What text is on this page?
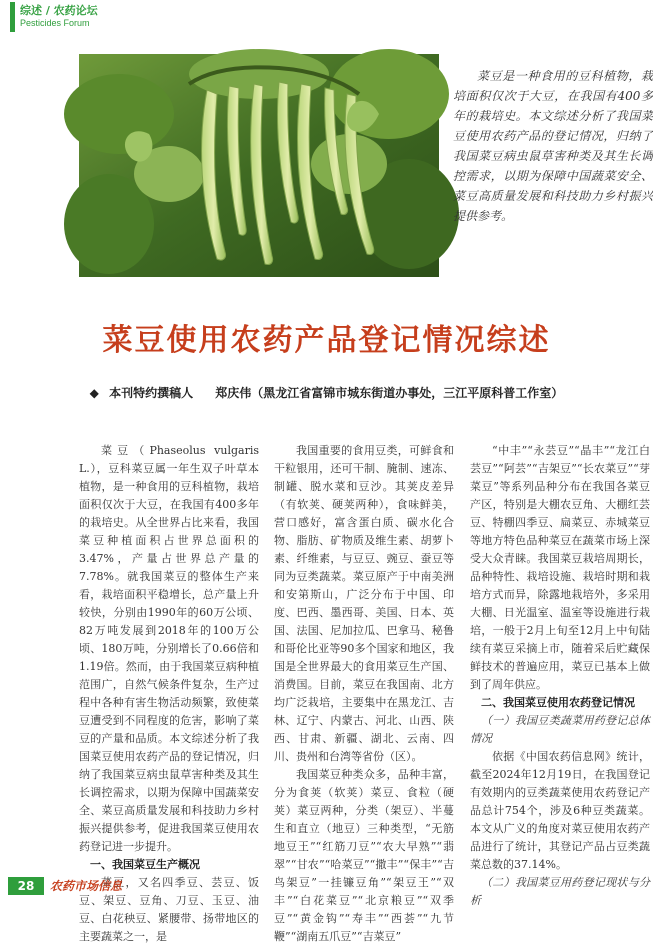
综述 / 农药论坛
Pesticides Forum
菜豆是一种食用的豆科植物，栽培面积仅次于大豆，在我国有400多年的栽培史。本文综述分析了我国菜豆使用农药产品的登记情况，归纳了我国菜豆病虫鼠草害种类及其生长调控需求，以期为保障中国蔬菜安全、菜豆高质量发展和科技助力乡村振兴提供参考。
菜豆使用农药产品登记情况综述
◆ 本刊特约撰稿人 郑庆伟（黑龙江省富锦市城东街道办事处，三江平原科普工作室）

菜豆（Phaseolus vulgaris L.），豆科菜豆属一年生双子叶草本植物，是一种食用的豆科植物，栽培面积仅次于大豆，在我国有400多年的栽培史。从全世界占比来看，我国菜豆种植面积占世界总面积的3.47%，产量占世界总产量的7.78%。就我国菜豆的整体生产来看，栽培面积平稳增长，总产量上升较快，分别由1990年的60万公顷、82万吨发展到2018年的100万公顷、180万吨，分别增长了0.66倍和1.19倍。然而，由于我国菜豆病种植范围广，自然气候条件复杂，生产过程中各种有害生物活动频繁，致使菜豆遭受到不同程度的危害，影响了菜豆的产量和品质。本文综述分析了我国菜豆使用农药产品的登记情况，归纳了我国菜豆病虫鼠草害种类及其生长调控需求，以期为保障中国蔬菜安全、菜豆高质量发展和科技助力乡村振兴提供参考，促进我国菜豆使用农药登记进一步提升。

一、我国菜豆生产概况

菜豆，又名四季豆、芸豆、饭豆、架豆、豆角、刀豆、玉豆、油豆、白花秧豆、紧腰带、扬带地区的主要蔬菜之一，是

我国重要的食用豆类，可鲜食和干粒银用，还可干制、腌制、速冻、制罐、脱水菜和豆沙。其荚皮差异（有软荚、硬荚两种），食味鲜美，营口感好，富含蛋白质、碳水化合物、脂肪、矿物质及维生素、胡萝卜素、纤维素，与豆豆、豌豆、蚕豆等同为豆类蔬菜。菜豆原产于中南美洲和安第斯山，广泛分布于中国、印度、巴西、墨西哥、美国、日本、英国、法国、尼加拉瓜、巴拿马、秘鲁和哥伦比亚等90多个国家和地区，我国是全世界最大的食用菜豆生产国、消费国。目前，菜豆在我国南、北方均广泛栽培，主要集中在黑龙江、吉林、辽宁、内蒙古、河北、山西、陕西、甘肃、新疆、湖北、云南、四川、贵州和台湾等省份（区）。

我国菜豆种类众多，品种丰富，分为食荚（软荚）菜豆、食粒（硬荚）菜豆两种，分类（架豆）、半蔓生和直立（地豆）三种类型，“无筋地豆王”“红筋刀豆”“农大早熟”“翡翠”“甘农”“哈菜豆”“撒丰”“保丰”“吉鸟架豆”一挂镰豆角”“架豆王”“双丰”“白花菜豆”“北京粮豆”“双季豆”“黄金钩”“寿丰”“西荟”“九节鞭”“湖南五爪豆”“吉菜豆”

“中丰”“永芸豆”“晶丰”“龙江白芸豆”“阿芸”“吉架豆”“长农菜豆”“芽菜豆”等系列品种分布在我国各菜豆产区，特别是大棚农豆角、大棚红芸豆、特棚四季豆、扁菜豆、赤城菜豆等地方特色品种菜豆在蔬菜市场上深受大众青睐。我国菜豆栽培周期长，品种特性、栽培设施、栽培时期和栽培方式而异，除露地栽培外，多采用大棚、日光温室、温室等设施进行栽培，一般于2月上旬至12月上中旬陆续有菜豆采摘上市，随着采后贮藏保鲜技术的普遍应用，菜豆已基本上做到了周年供应。

二、我国菜豆使用农药登记情况

（一）我国豆类蔬菜用药登记总体情况

依据《中国农药信息网》统计，截至2024年12月19日，在我国登记有效期内的豆类蔬菜使用农药登记产品总计754个，涉及6种豆类蔬菜。本文从广义的角度对菜豆使用农药产品进行了统计，其登记产品占豆类蔬菜总数的37.14%。

（二）我国菜豆用药登记现状与分析

28	农药市场信息
